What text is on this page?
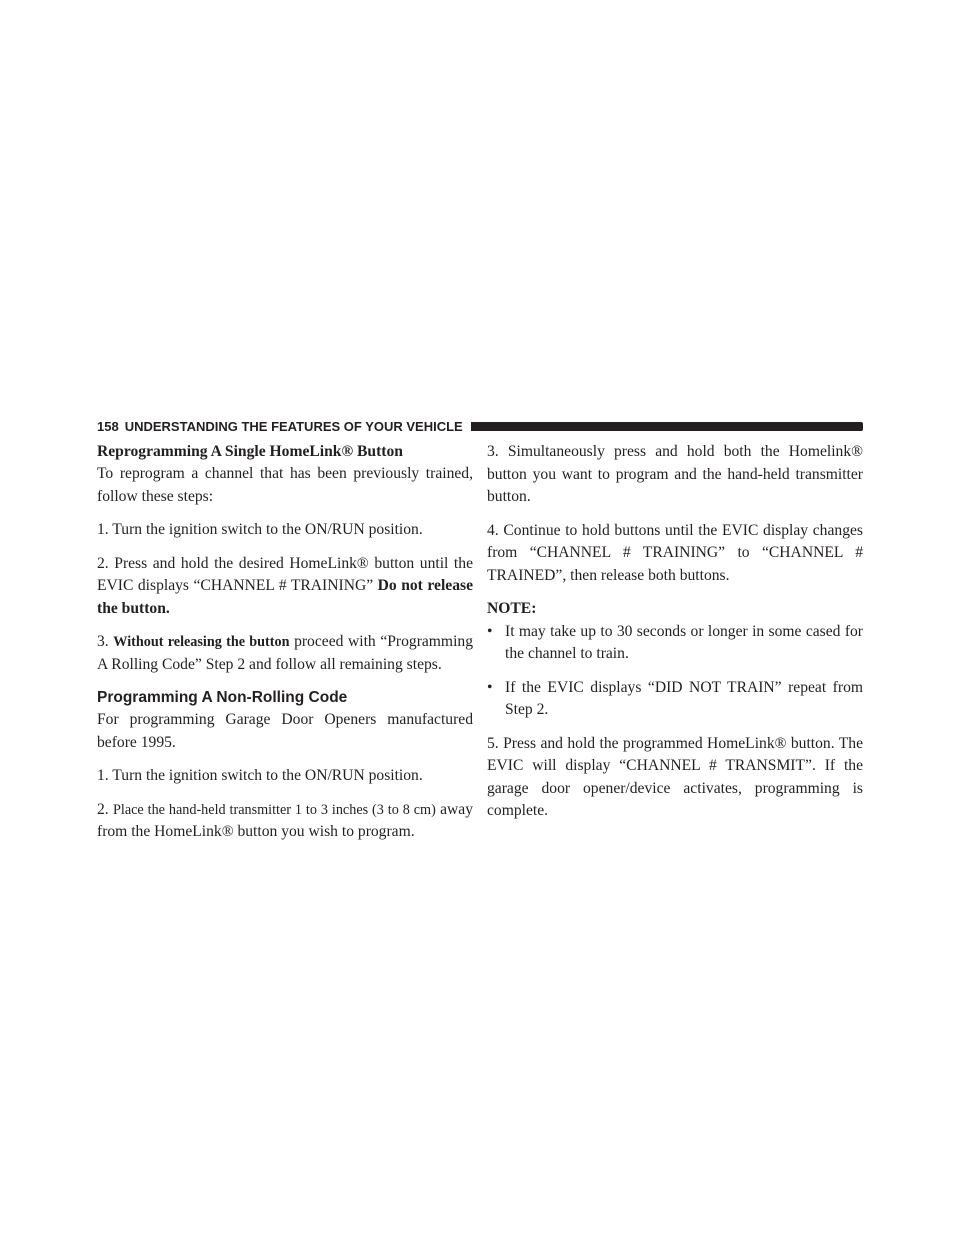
158 UNDERSTANDING THE FEATURES OF YOUR VEHICLE
Reprogramming A Single HomeLink® Button

To reprogram a channel that has been previously trained, follow these steps:

1. Turn the ignition switch to the ON/RUN position.

2. Press and hold the desired HomeLink® button until the EVIC displays “CHANNEL # TRAINING” Do not release the button.

3. Without releasing the button proceed with “Programming A Rolling Code” Step 2 and follow all remaining steps.

Programming A Non-Rolling Code

For programming Garage Door Openers manufactured before 1995.

1. Turn the ignition switch to the ON/RUN position.

2. Place the hand-held transmitter 1 to 3 inches (3 to 8 cm) away from the HomeLink® button you wish to program.

3. Simultaneously press and hold both the Homelink® button you want to program and the hand-held transmitter button.

4. Continue to hold buttons until the EVIC display changes from “CHANNEL # TRAINING” to “CHANNEL # TRAINED”, then release both buttons.

NOTE:

• It may take up to 30 seconds or longer in some cased for the channel to train.
• If the EVIC displays “DID NOT TRAIN” repeat from Step 2.

5. Press and hold the programmed HomeLink® button. The EVIC will display “CHANNEL # TRANSMIT”. If the garage door opener/device activates, programming is complete.
